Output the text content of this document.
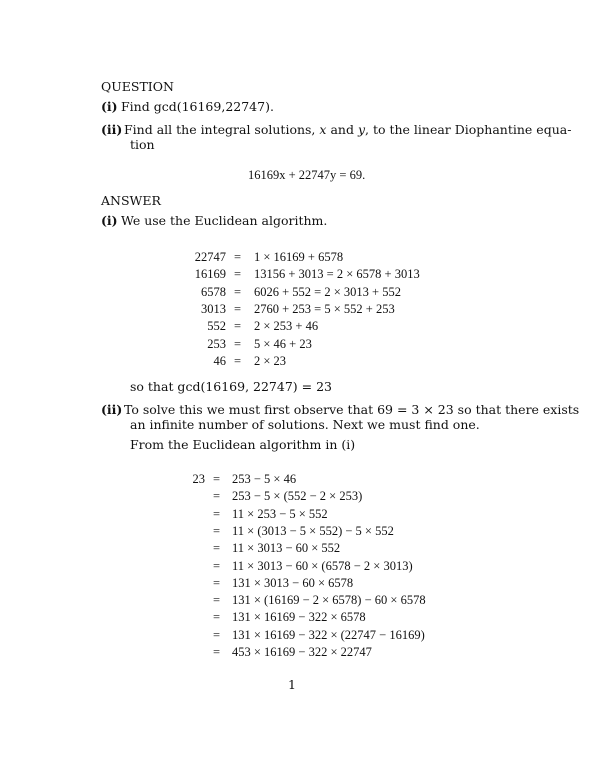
QUESTION
(i) Find gcd(16169,22747).
(ii) Find all the integral solutions, x and y, to the linear Diophantine equa-
tion
16169x + 22747y = 69.
ANSWER
(i) We use the Euclidean algorithm.
22747 = 1 × 16169 + 6578
16169 = 13156 + 3013 = 2 × 6578 + 3013
6578 = 6026 + 552 = 2 × 3013 + 552
3013 = 2760 + 253 = 5 × 552 + 253
552 = 2 × 253 + 46
253 = 5 × 46 + 23
46 = 2 × 23
so that gcd(16169, 22747) = 23
(ii) To solve this we must first observe that 69 = 3 × 23 so that there exists
an infinite number of solutions. Next we must find one.
From the Euclidean algorithm in (i)
23 = 253 − 5 × 46
= 253 − 5 × (552 − 2 × 253)
= 11 × 253 − 5 × 552
= 11 × (3013 − 5 × 552) − 5 × 552
= 11 × 3013 − 60 × 552
= 11 × 3013 − 60 × (6578 − 2 × 3013)
= 131 × 3013 − 60 × 6578
= 131 × (16169 − 2 × 6578) − 60 × 6578
= 131 × 16169 − 322 × 6578
= 131 × 16169 − 322 × (22747 − 16169)
= 453 × 16169 − 322 × 22747
1
